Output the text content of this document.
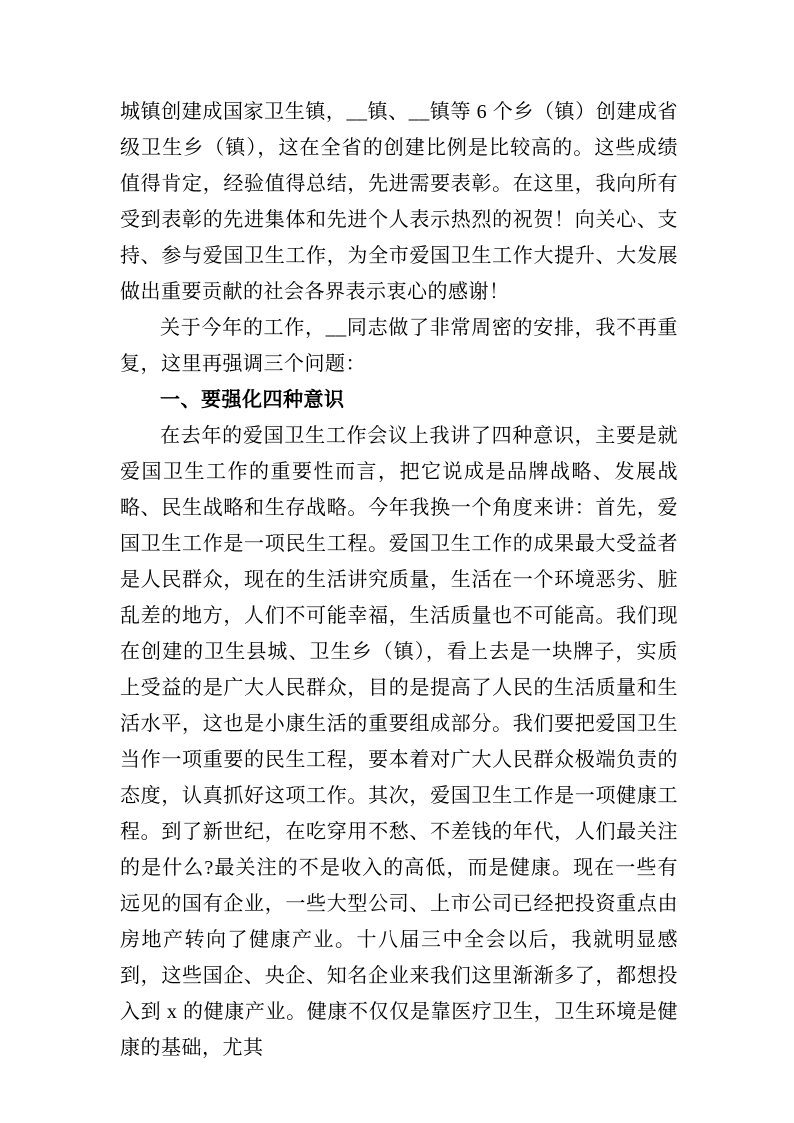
城镇创建成国家卫生镇，__镇、__镇等 6 个乡（镇）创建成省级卫生乡（镇），这在全省的创建比例是比较高的。这些成绩值得肯定，经验值得总结，先进需要表彰。在这里，我向所有受到表彰的先进集体和先进个人表示热烈的祝贺！向关心、支持、参与爱国卫生工作，为全市爱国卫生工作大提升、大发展做出重要贡献的社会各界表示衷心的感谢！

关于今年的工作，__同志做了非常周密的安排，我不再重复，这里再强调三个问题：

一、要强化四种意识

在去年的爱国卫生工作会议上我讲了四种意识，主要是就爱国卫生工作的重要性而言，把它说成是品牌战略、发展战略、民生战略和生存战略。今年我换一个角度来讲：首先，爱国卫生工作是一项民生工程。爱国卫生工作的成果最大受益者是人民群众，现在的生活讲究质量，生活在一个环境恶劣、脏乱差的地方，人们不可能幸福，生活质量也不可能高。我们现在创建的卫生县城、卫生乡（镇），看上去是一块牌子，实质上受益的是广大人民群众，目的是提高了人民的生活质量和生活水平，这也是小康生活的重要组成部分。我们要把爱国卫生当作一项重要的民生工程，要本着对广大人民群众极端负责的态度，认真抓好这项工作。其次，爱国卫生工作是一项健康工程。到了新世纪，在吃穿用不愁、不差钱的年代，人们最关注的是什么?最关注的不是收入的高低，而是健康。现在一些有远见的国有企业，一些大型公司、上市公司已经把投资重点由房地产转向了健康产业。十八届三中全会以后，我就明显感到，这些国企、央企、知名企业来我们这里渐渐多了，都想投入到 x 的健康产业。健康不仅仅是靠医疗卫生，卫生环境是健康的基础，尤其
